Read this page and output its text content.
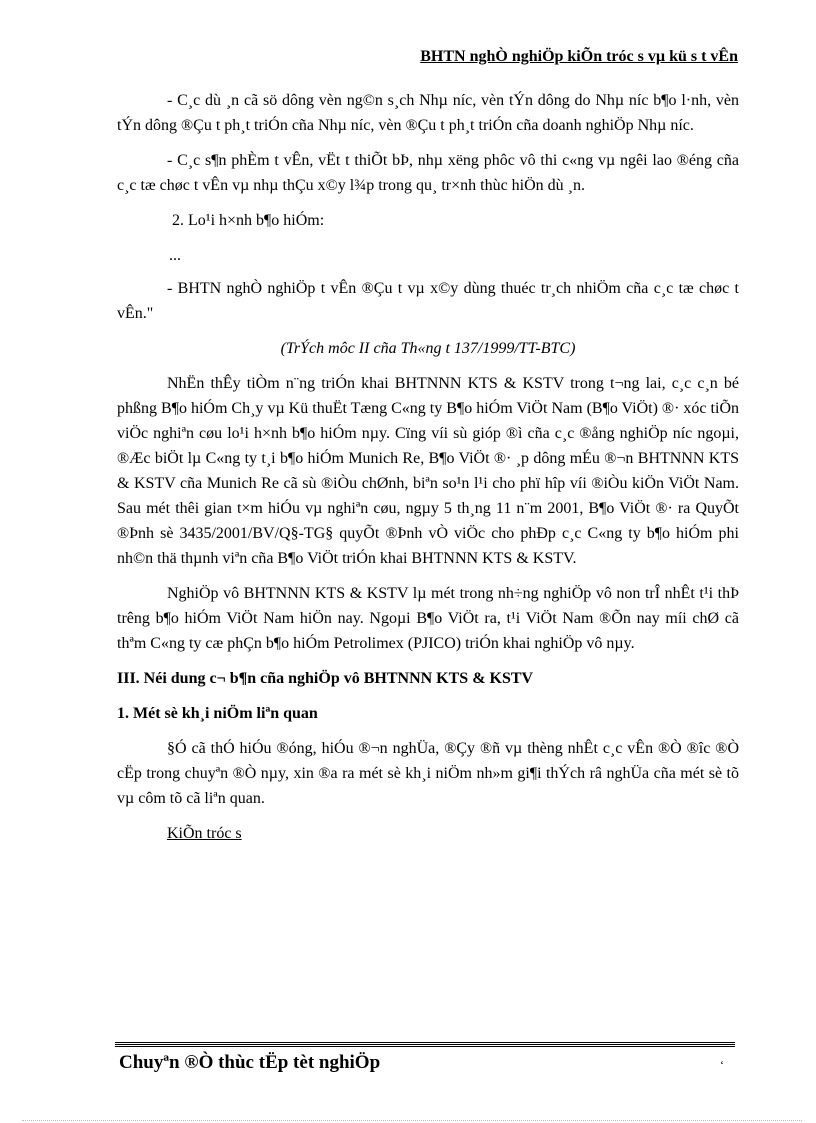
BHTN nghÒ nghiÖp kiÕn tróc s vµ kü s t vÊn

- C¸c dù ¸n cã sö dông vèn ng©n s¸ch Nhµ níc, vèn tÝn dông do Nhµ níc b¶o l·nh, vèn tÝn dông ®Çu t ph¸t triÓn cña Nhµ níc, vèn ®Çu t ph¸t triÓn cña doanh nghiÖp Nhµ níc.

- C¸c s¶n phÈm t vÊn, vËt t thiÕt bÞ, nhµ xëng phôc vô thi c«ng vµ ngêi lao ®éng cña c¸c tæ chøc t vÊn vµ nhµ thÇu x©y l¾p trong qu¸ tr×nh thùc hiÖn dù ¸n.

2. Lo¹i h×nh b¶o hiÓm:

...

- BHTN nghÒ nghiÖp t vÊn ®Çu t vµ x©y dùng thuéc tr¸ch nhiÖm cña c¸c tæ chøc t vÊn."

(TrÝch môc II cña Th«ng t 137/1999/TT-BTC)

NhËn thÊy tiÒm n¨ng triÓn khai BHTNNN KTS & KSTV trong t¬ng lai, c¸c c¸n bé phßng B¶o hiÓm Ch¸y vµ Kü thuËt Tæng C«ng ty B¶o hiÓm ViÖt Nam (B¶o ViÖt) ®· xóc tiÕn viÖc nghiªn cøu lo¹i h×nh b¶o hiÓm nµy. Cïng víi sù gióp ®ì cña c¸c ®ång nghiÖp níc ngoµi, ®Æc biÖt lµ C«ng ty t¸i b¶o hiÓm Munich Re, B¶o ViÖt ®· ¸p dông mÉu ®¬n BHTNNN KTS & KSTV cña Munich Re cã sù ®iÒu chØnh, biªn so¹n l¹i cho phï hîp víi ®iÒu kiÖn ViÖt Nam. Sau mét thêi gian t×m hiÓu vµ nghiªn cøu, ngµy 5 th¸ng 11 n¨m 2001, B¶o ViÖt ®· ra QuyÕt ®Þnh sè 3435/2001/BV/Q§-TG§ quyÕt ®Þnh vÒ viÖc cho phÐp c¸c C«ng ty b¶o hiÓm phi nh©n thä thµnh viªn cña B¶o ViÖt triÓn khai BHTNNN KTS & KSTV.

NghiÖp vô BHTNNN KTS & KSTV lµ mét trong nh÷ng nghiÖp vô non trÎ nhÊt t¹i thÞ trêng b¶o hiÓm ViÖt Nam hiÖn nay. Ngoµi B¶o ViÖt ra, t¹i ViÖt Nam ®Õn nay míi chØ cã thªm C«ng ty cæ phÇn b¶o hiÓm Petrolimex (PJICO) triÓn khai nghiÖp vô nµy.

III. Néi dung c¬ b¶n cña nghiÖp vô BHTNNN KTS & KSTV

1. Mét sè kh¸i niÖm liªn quan

§Ó cã thÓ hiÓu ®óng, hiÓu ®¬n nghÜa, ®Çy ®ñ vµ thèng nhÊt c¸c vÊn ®Ò ®îc ®Ò cËp trong chuyªn ®Ò nµy, xin ®a ra mét sè kh¸i niÖm nh»m gi¶i thÝch râ nghÜa cña mét sè tõ vµ côm tõ cã liªn quan.

KiÕn tróc s

Chuyªn ®Ò thùc tËp tèt nghiÖp	‘
